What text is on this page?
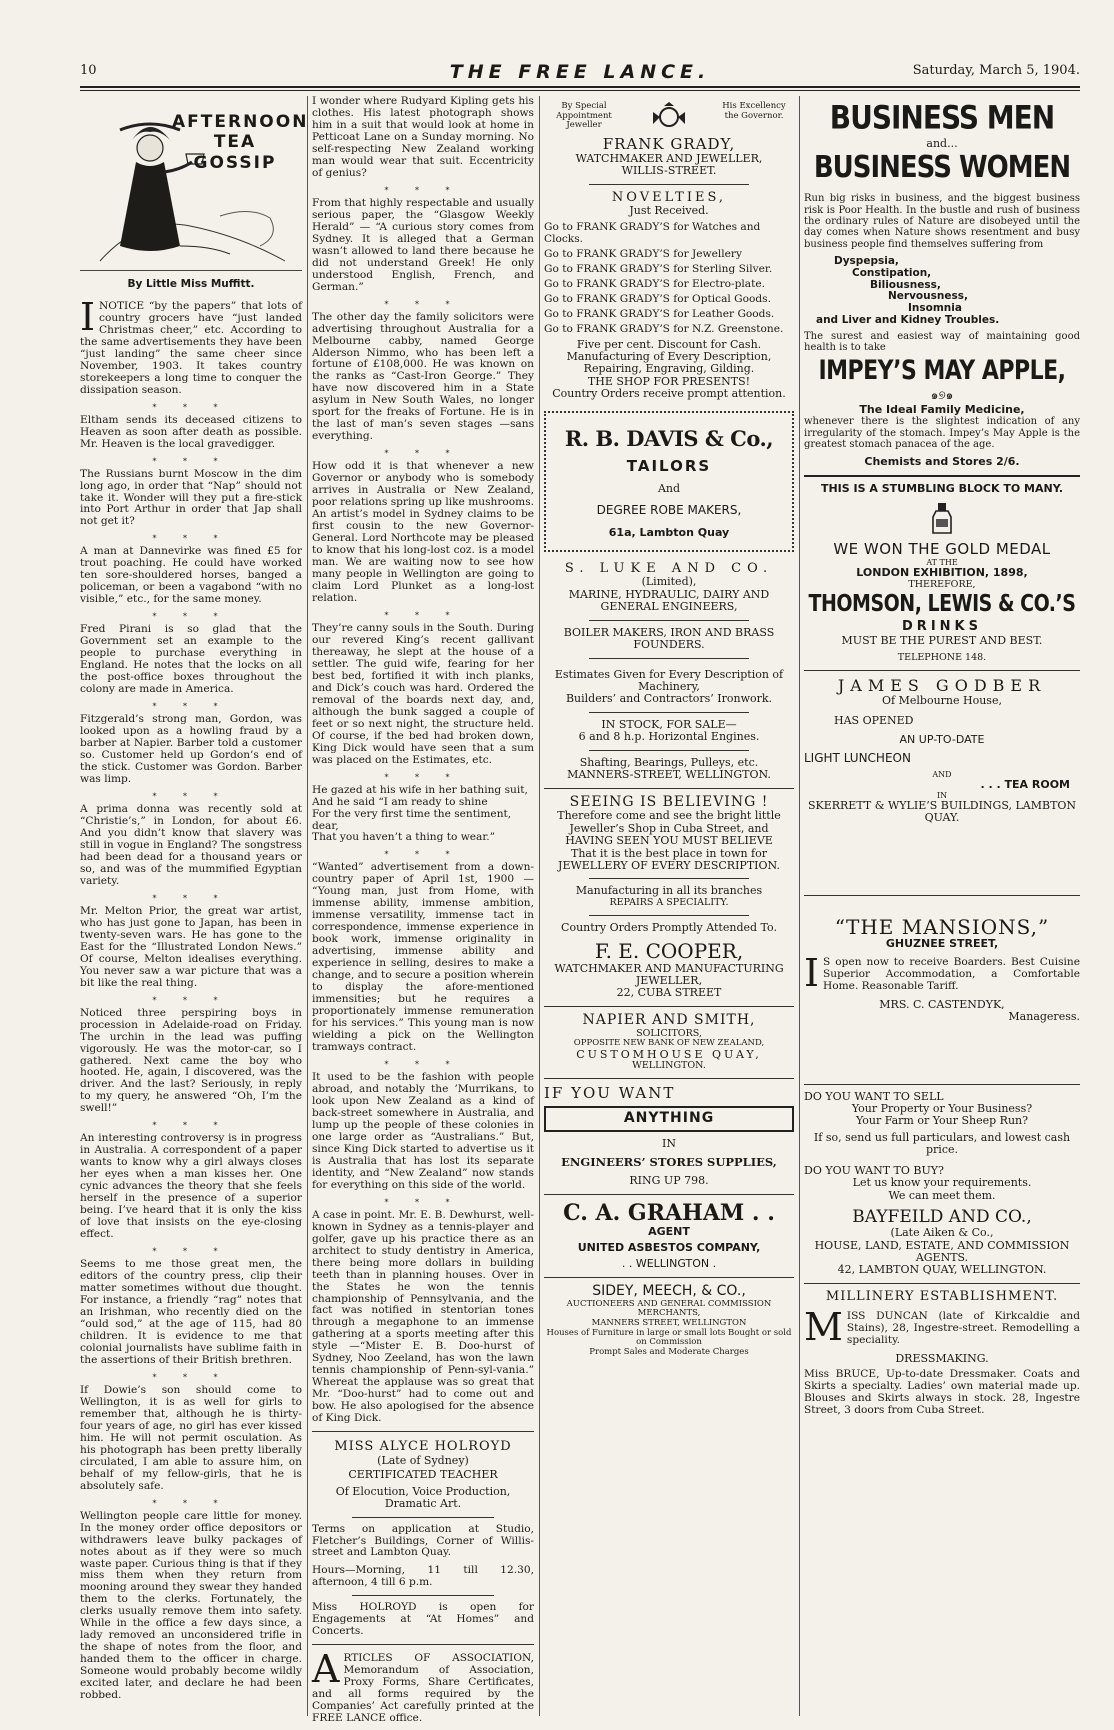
10	THE FREE LANCE.	Saturday, March 5, 1904.
AFTERNOON TEA GOSSIP
By Little Miss Muffitt.

INOTICE “by the papers” that lots of country grocers have “just landed Christmas cheer,” etc. According to the same advertisements they have been “just landing” the same cheer since November, 1903. It takes country storekeepers a long time to conquer the dissipation season.

* * *

Eltham sends its deceased citizens to Heaven as soon after death as possible. Mr. Heaven is the local gravedigger.

* * *

The Russians burnt Moscow in the dim long ago, in order that “Nap” should not take it. Wonder will they put a fire-stick into Port Arthur in order that Jap shall not get it?

* * *

A man at Dannevirke was fined £5 for trout poaching. He could have worked ten sore-shouldered horses, banged a policeman, or been a vagabond “with no visible,” etc., for the same money.

* * *

Fred Pirani is so glad that the Government set an example to the people to purchase everything in England. He notes that the locks on all the post-office boxes throughout the colony are made in America.

* * *

Fitzgerald’s strong man, Gordon, was looked upon as a howling fraud by a barber at Napier. Barber told a customer so. Customer held up Gordon’s end of the stick. Customer was Gordon. Barber was limp.

* * *

A prima donna was recently sold at “Christie’s,” in London, for about £6. And you didn’t know that slavery was still in vogue in England? The songstress had been dead for a thousand years or so, and was of the mummified Egyptian variety.

* * *

Mr. Melton Prior, the great war artist, who has just gone to Japan, has been in twenty-seven wars. He has gone to the East for the “Illustrated London News.” Of course, Melton idealises everything. You never saw a war picture that was a bit like the real thing.

* * *

Noticed three perspiring boys in procession in Adelaide-road on Friday. The urchin in the lead was puffing vigorously. He was the motor-car, so I gathered. Next came the boy who hooted. He, again, I discovered, was the driver. And the last? Seriously, in reply to my query, he answered “Oh, I’m the swell!”

* * *

An interesting controversy is in progress in Australia. A correspondent of a paper wants to know why a girl always closes her eyes when a man kisses her. One cynic advances the theory that she feels herself in the presence of a superior being. I’ve heard that it is only the kiss of love that insists on the eye-closing effect.

* * *

Seems to me those great men, the editors of the country press, clip their matter sometimes without due thought. For instance, a friendly “rag” notes that an Irishman, who recently died on the “ould sod,” at the age of 115, had 80 children. It is evidence to me that colonial journalists have sublime faith in the assertions of their British brethren.

* * *

If Dowie’s son should come to Wellington, it is as well for girls to remember that, although he is thirty-four years of age, no girl has ever kissed him. He will not permit osculation. As his photograph has been pretty liberally circulated, I am able to assure him, on behalf of my fellow-girls, that he is absolutely safe.

* * *

Wellington people care little for money. In the money order office depositors or withdrawers leave bulky packages of notes about as if they were so much waste paper. Curious thing is that if they miss them when they return from mooning around they swear they handed them to the clerks. Fortunately, the clerks usually remove them into safety. While in the office a few days since, a lady removed an unconsidered trifle in the shape of notes from the floor, and handed them to the officer in charge. Someone would probably become wildly excited later, and declare he had been robbed.

I wonder where Rudyard Kipling gets his clothes. His latest photograph shows him in a suit that would look at home in Petticoat Lane on a Sunday morning. No self-respecting New Zealand working man would wear that suit. Eccentricity of genius?

* * *

From that highly respectable and usually serious paper, the “Glasgow Weekly Herald” — “A curious story comes from Sydney. It is alleged that a German wasn’t allowed to land there because he did not understand Greek! He only understood English, French, and German.”

* * *

The other day the family solicitors were advertising throughout Australia for a Melbourne cabby, named George Alderson Nimmo, who has been left a fortune of £108,000. He was known on the ranks as “Cast-Iron George.” They have now discovered him in a State asylum in New South Wales, no longer sport for the freaks of Fortune. He is in the last of man’s seven stages —sans everything.

* * *

How odd it is that whenever a new Governor or anybody who is somebody arrives in Australia or New Zealand, poor relations spring up like mushrooms. An artist’s model in Sydney claims to be first cousin to the new Governor-General. Lord Northcote may be pleased to know that his long-lost coz. is a model man. We are waiting now to see how many people in Wellington are going to claim Lord Plunket as a long-lost relation.

* * *

They’re canny souls in the South. During our revered King’s recent gallivant thereaway, he slept at the house of a settler. The guid wife, fearing for her best bed, fortified it with inch planks, and Dick’s couch was hard. Ordered the removal of the boards next day, and, although the bunk sagged a couple of feet or so next night, the structure held. Of course, if the bed had broken down, King Dick would have seen that a sum was placed on the Estimates, etc.

* * *

He gazed at his wife in her bathing suit,
And he said “I am ready to shine
For the very first time the sentiment, dear,
That you haven’t a thing to wear.”

* * *

“Wanted” advertisement from a down-country paper of April 1st, 1900 — “Young man, just from Home, with immense ability, immense ambition, immense versatility, immense tact in correspondence, immense experience in book work, immense originality in advertising, immense ability and experience in selling, desires to make a change, and to secure a position wherein to display the afore-mentioned immensities; but he requires a proportionately immense remuneration for his services.” This young man is now wielding a pick on the Wellington tramways contract.

* * *

It used to be the fashion with people abroad, and notably the ’Murrikans, to look upon New Zealand as a kind of back-street somewhere in Australia, and lump up the people of these colonies in one large order as “Australians.” But, since King Dick started to advertise us it is Australia that has lost its separate identity, and “New Zealand” now stands for everything on this side of the world.

* * *

A case in point. Mr. E. B. Dewhurst, well-known in Sydney as a tennis-player and golfer, gave up his practice there as an architect to study dentistry in America, there being more dollars in building teeth than in planning houses. Over in the States he won the tennis championship of Pennsylvania, and the fact was notified in stentorian tones through a megaphone to an immense gathering at a sports meeting after this style —“Mister E. B. Doo-hurst of Sydney, Noo Zeeland, has won the lawn tennis championship of Penn-syl-vania.” Whereat the applause was so great that Mr. “Doo-hurst” had to come out and bow. He also apologised for the absence of King Dick.

MISS ALYCE HOLROYD
(Late of Sydney)
CERTIFICATED TEACHER
Of Elocution, Voice Production, Dramatic Art.

Terms on application at Studio, Fletcher’s Buildings, Corner of Willis-street and Lambton Quay.

Hours—Morning, 11 till 12.30, afternoon, 4 till 6 p.m.

Miss HOLROYD is open for Engagements at “At Homes” and Concerts.

ARTICLES OF ASSOCIATION, Memorandum of Association, Proxy Forms, Share Certificates, and all forms required by the Companies’ Act carefully printed at the FREE LANCE office.

By Special Appointment Jeweller
His Excellency the Governor.
FRANK GRADY,
WATCHMAKER AND JEWELLER,
WILLIS-STREET.
NOVELTIES,
Just Received.

Go to FRANK GRADY’S for Watches and Clocks.

Go to FRANK GRADY’S for Jewellery

Go to FRANK GRADY’S for Sterling Silver.

Go to FRANK GRADY’S for Electro-plate.

Go to FRANK GRADY’S for Optical Goods.

Go to FRANK GRADY’S for Leather Goods.

Go to FRANK GRADY’S for N.Z. Greenstone.

Five per cent. Discount for Cash.
Manufacturing of Every Description, Repairing, Engraving, Gilding.
THE SHOP FOR PRESENTS!
Country Orders receive prompt attention.
R. B. DAVIS & Co.,
TAILORS
And
DEGREE ROBE MAKERS,
61a, Lambton Quay
S. LUKE AND CO.
(Limited),
MARINE, HYDRAULIC, DAIRY AND GENERAL ENGINEERS,
BOILER MAKERS, IRON AND BRASS FOUNDERS.
Estimates Given for Every Description of Machinery,
Builders’ and Contractors’ Ironwork.
IN STOCK, FOR SALE—
6 and 8 h.p. Horizontal Engines.
Shafting, Bearings, Pulleys, etc.
MANNERS-STREET, WELLINGTON.
SEEING IS BELIEVING !
Therefore come and see the bright little Jeweller’s Shop in Cuba Street, and
HAVING SEEN YOU MUST BELIEVE
That it is the best place in town for
JEWELLERY OF EVERY DESCRIPTION.
Manufacturing in all its branches
REPAIRS A SPECIALITY.
Country Orders Promptly Attended To.
F. E. COOPER,
WATCHMAKER AND MANUFACTURING JEWELLER,
22, CUBA STREET
NAPIER AND SMITH,
SOLICITORS,
OPPOSITE NEW BANK OF NEW ZEALAND,
CUSTOMHOUSE QUAY,
WELLINGTON.
IF YOU WANT
ANYTHING
IN
ENGINEERS’ STORES SUPPLIES,
RING UP 798.
C. A. GRAHAM . .
AGENT
UNITED ASBESTOS COMPANY,
. . WELLINGTON .
SIDEY, MEECH, & CO.,
AUCTIONEERS AND GENERAL COMMISSION MERCHANTS,
MANNERS STREET, WELLINGTON
Houses of Furniture in large or small lots Bought or sold on Commission
Prompt Sales and Moderate Charges
BUSINESS MEN
and...
BUSINESS WOMEN

Run big risks in business, and the biggest business risk is Poor Health. In the bustle and rush of business the ordinary rules of Nature are disobeyed until the day comes when Nature shows resentment and busy business people find themselves suffering from

Dyspepsia,
Constipation,
Biliousness,
Nervousness,
Insomnia
and Liver and Kidney Troubles.

The surest and easiest way of maintaining good health is to take

IMPEY’S MAY APPLE,
๑୭๑
The Ideal Family Medicine,

whenever there is the slightest indication of any irregularity of the stomach. Impey’s May Apple is the greatest stomach panacea of the age.

Chemists and Stores 2/6.
THIS IS A STUMBLING BLOCK TO MANY.
WE WON THE GOLD MEDAL
AT THE
LONDON EXHIBITION, 1898,
THEREFORE,
THOMSON, LEWIS & CO.’S
DRINKS
MUST BE THE PUREST AND BEST.
TELEPHONE 148.
JAMES GODBER
Of Melbourne House,
HAS OPENED
AN UP-TO-DATE
LIGHT LUNCHEON
AND
. . . TEA ROOM
IN
SKERRETT & WYLIE’S BUILDINGS, LAMBTON QUAY.
“THE MANSIONS,”
GHUZNEE STREET,

IS open now to receive Boarders. Best Cuisine Superior Accommodation, a Comfortable Home. Reasonable Tariff.

MRS. C. CASTENDYK,
Manageress.
DO YOU WANT TO SELL
Your Property or Your Business?
Your Farm or Your Sheep Run?
If so, send us full particulars, and lowest cash price.
DO YOU WANT TO BUY?
Let us know your requirements.
We can meet them.
BAYFEILD AND CO.,
(Late Aiken & Co.,
HOUSE, LAND, ESTATE, AND COMMISSION AGENTS.
42, LAMBTON QUAY, WELLINGTON.
MILLINERY ESTABLISHMENT.

MISS DUNCAN (late of Kirkcaldie and Stains), 28, Ingestre-street. Remodelling a speciality.

DRESSMAKING.

Miss BRUCE, Up-to-date Dressmaker. Coats and Skirts a specialty. Ladies’ own material made up. Blouses and Skirts always in stock. 28, Ingestre Street, 3 doors from Cuba Street.
